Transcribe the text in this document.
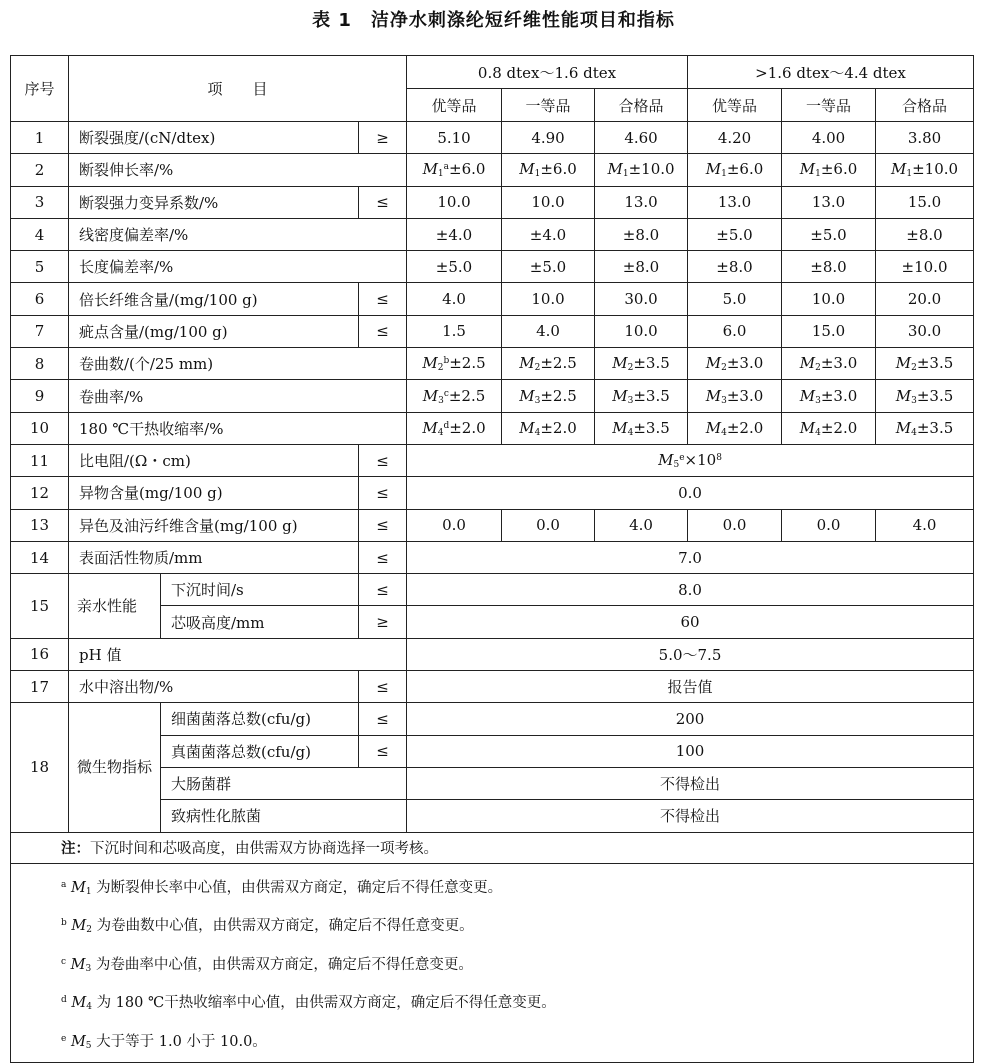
表 1　洁净水刺涤纶短纤维性能项目和指标
序号	项　　目			0.8 dtex～1.6 dtex			>1.6 dtex～4.4 dtex		
				优等品	一等品	合格品	优等品	一等品	合格品
1	断裂强度/(cN/dtex)		≥	5.10	4.90	4.60	4.20	4.00	3.80
2	断裂伸长率/%			$M_1^a\pm 6.0$	$M_1\pm 6.0$	$M_1\pm 10.0$	$M_1\pm 6.0$	$M_1\pm 6.0$	$M_1\pm 10.0$
3	断裂强力变异系数/%		≤	10.0	10.0	13.0	13.0	13.0	15.0
4	线密度偏差率/%			±4.0	±4.0	±8.0	±5.0	±5.0	±8.0
5	长度偏差率/%			±5.0	±5.0	±8.0	±8.0	±8.0	±10.0
6	倍长纤维含量/(mg/100 g)		≤	4.0	10.0	30.0	5.0	10.0	20.0
7	疵点含量/(mg/100 g)		≤	1.5	4.0	10.0	6.0	15.0	30.0
8	卷曲数/(个/25 mm)			$M_2^b\pm 2.5$	$M_2\pm 2.5$	$M_2\pm 3.5$	$M_2\pm 3.0$	$M_2\pm 3.0$	$M_2\pm 3.5$
9	卷曲率/%			$M_3^c\pm 2.5$	$M_3\pm 2.5$	$M_3\pm 3.5$	$M_3\pm 3.0$	$M_3\pm 3.0$	$M_3\pm 3.5$
10	180 ℃干热收缩率/%			$M_4^d\pm 2.0$	$M_4\pm 2.0$	$M_4\pm 3.5$	$M_4\pm 2.0$	$M_4\pm 2.0$	$M_4\pm 3.5$
11	比电阻/(Ω・cm)		≤	$M_5^e\times 10^8$
12	异物含量(mg/100 g)		≤	0.0					
13	异色及油污纤维含量(mg/100 g)		≤	0.0	0.0	4.0	0.0	0.0	4.0
14	表面活性物质/mm		≤	7.0					
15	亲水性能	下沉时间/s	≤	8.0					
		芯吸高度/mm	≥	60					
16	pH 值			5.0～7.5					
17	水中溶出物/%		≤	报告值					
18	微生物指标	细菌菌落总数(cfu/g)	≤	200					
		真菌菌落总数(cfu/g)	≤	100					
		大肠菌群		不得检出					
		致病性化脓菌		不得检出					
注：下沉时间和芯吸高度，由供需双方协商选择一项考核。									

$^a$ $M_1$ 为断裂伸长率中心值，由供需双方商定，确定后不得任意变更。
$^b$ $M_2$ 为卷曲数中心值，由供需双方商定，确定后不得任意变更。
$^c$ $M_3$ 为卷曲率中心值，由供需双方商定，确定后不得任意变更。
$^d$ $M_4$ 为 180 ℃干热收缩率中心值，由供需双方商定，确定后不得任意变更。
$^e$ $M_5$ 大于等于 1.0 小于 10.0。									
